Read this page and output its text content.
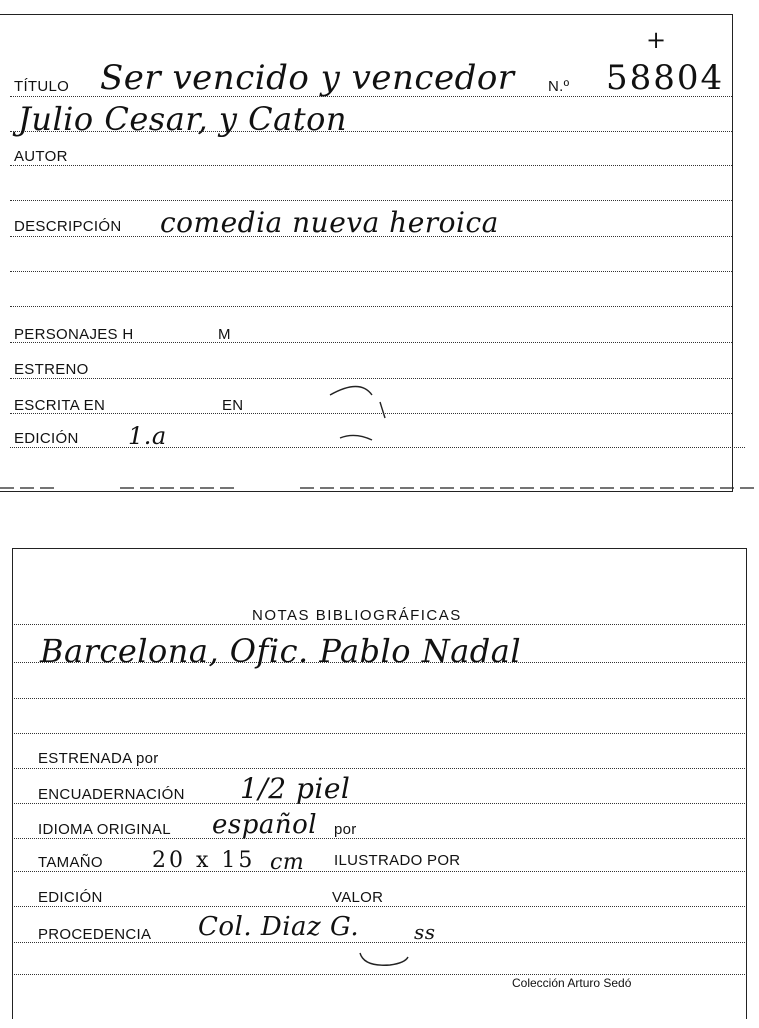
TÍTULO Ser vencido y vencedor N.º 58804
+
Julio Cesar, y Caton
AUTOR
DESCRIPCIÓN comedia nueva heroica
PERSONAJES H	M
ESTRENO
ESCRITA EN	EN
EDICIÓN 1.a
NOTAS BIBLIOGRÁFICAS
Barcelona, Ofic. Pablo Nadal
ESTRENADA por
ENCUADERNACIÓN 1/2 piel
IDIOMA ORIGINAL español por
TAMAÑO 20 x 15 cm ILUSTRADO POR
EDICIÓN	VALOR
PROCEDENCIA Col. Diaz G.	ss
Colección Arturo Sedó
